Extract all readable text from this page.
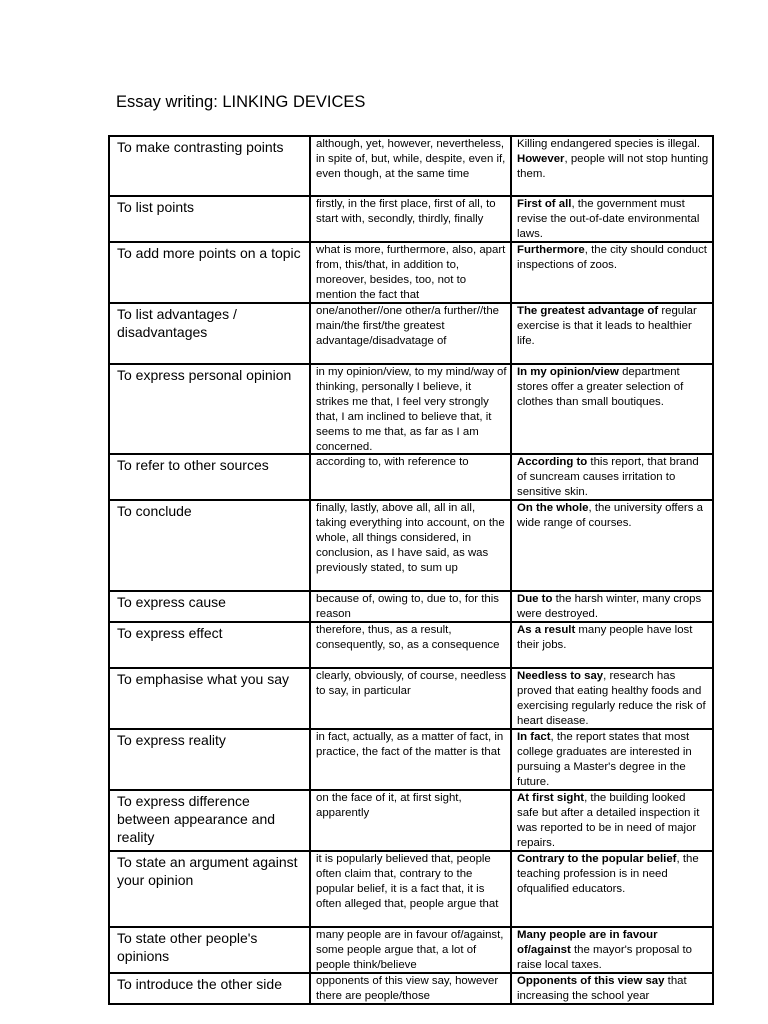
Essay writing: LINKING DEVICES
To make contrasting points	although, yet, however, nevertheless, in spite of, but, while, despite, even if, even though, at the same time	Killing endangered species is illegal. However, people will not stop hunting them.

To list points	firstly, in the first place, first of all, to start with, secondly, thirdly, finally	First of all, the government must revise the out-of-date environmental laws.

To add more points on a topic	what is more, furthermore, also, apart from, this/that, in addition to, moreover, besides, too, not to mention the fact that	Furthermore, the city should conduct inspections of zoos.

To list advantages / disadvantages	one/another//one other/a further//the main/the first/the greatest advantage/disadvatage of	The greatest advantage of regular exercise is that it leads to healthier life.

To express personal opinion	in my opinion/view, to my mind/way of thinking, personally I believe, it strikes me that, I feel very strongly that, I am inclined to believe that, it seems to me that, as far as I am concerned.	In my opinion/view department stores offer a greater selection of clothes than small boutiques.

To refer to other sources	according to, with reference to	According to this report, that brand of suncream causes irritation to sensitive skin.

To conclude	finally, lastly, above all, all in all, taking everything into account, on the whole, all things considered, in conclusion, as I have said, as was previously stated, to sum up	On the whole, the university offers a wide range of courses.

To express cause	because of, owing to, due to, for this reason	Due to the harsh winter, many crops were destroyed.

To express effect	therefore, thus, as a result, consequently, so, as a consequence	As a result many people have lost their jobs.

To emphasise what you say	clearly, obviously, of course, needless to say, in particular	Needless to say, research has proved that eating healthy foods and exercising regularly reduce the risk of heart disease.

To express reality	in fact, actually, as a matter of fact, in practice, the fact of the matter is that	In fact, the report states that most college graduates are interested in pursuing a Master's degree in the future.

To express difference between appearance and reality	on the face of it, at first sight, apparently	At first sight, the building looked safe but after a detailed inspection it was reported to be in need of major repairs.

To state an argument against your opinion	it is popularly believed that, people often claim that, contrary to the popular belief, it is a fact that, it is often alleged that, people argue that	Contrary to the popular belief, the teaching profession is in need ofqualified educators.

To state other people's opinions	many people are in favour of/against, some people argue that, a lot of people think/believe	Many people are in favour of/against the mayor's proposal to raise local taxes.

To introduce the other side	opponents of this view say, however there are people/those	Opponents of this view say that increasing the school year
